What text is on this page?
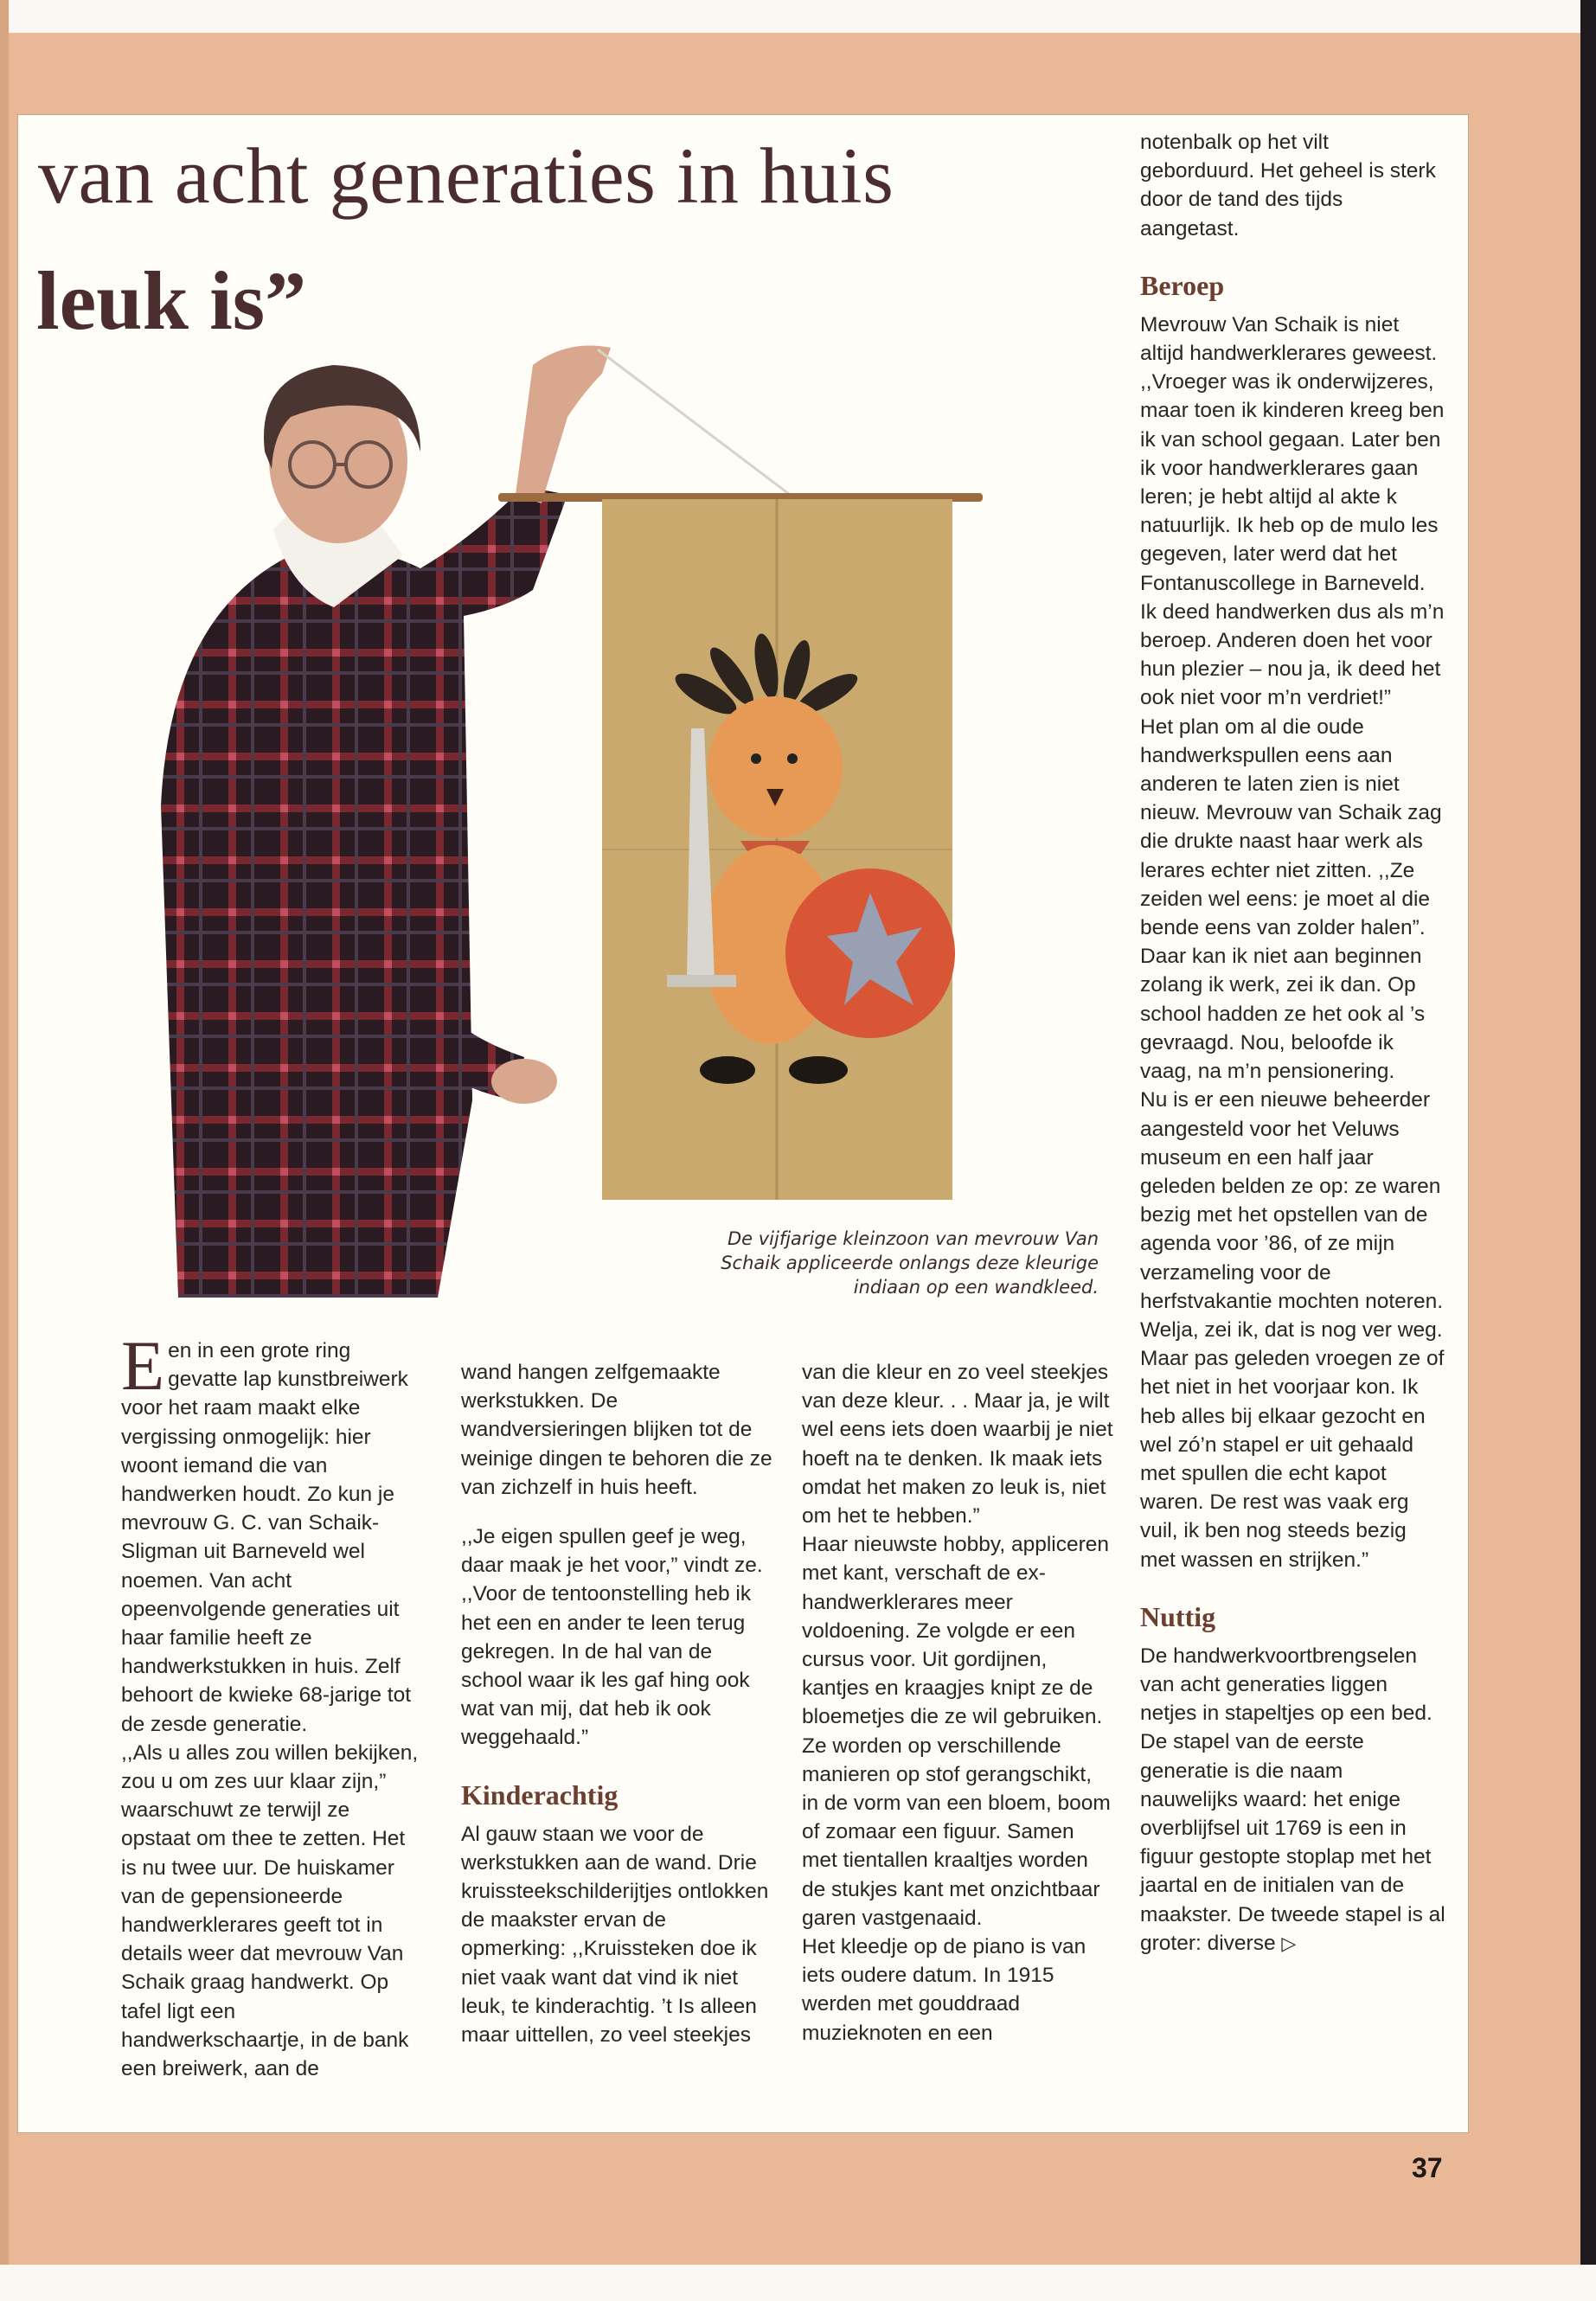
van acht generaties in huis
leuk is”

De vijfjarige kleinzoon van mevrouw Van Schaik appliceerde onlangs deze kleurige indiaan op een wandkleed.

Een in een grote ring gevatte lap kunstbreiwerk voor het raam maakt elke vergissing onmogelijk: hier woont iemand die van handwerken houdt. Zo kun je mevrouw G. C. van Schaik-Sligman uit Barneveld wel noemen. Van acht opeenvolgende generaties uit haar familie heeft ze handwerkstukken in huis. Zelf behoort de kwieke 68-jarige tot de zesde generatie.

,,Als u alles zou willen bekijken, zou u om zes uur klaar zijn,” waarschuwt ze terwijl ze opstaat om thee te zetten. Het is nu twee uur. De huiskamer van de gepensioneerde handwerklerares geeft tot in details weer dat mevrouw Van Schaik graag handwerkt. Op tafel ligt een handwerkschaartje, in de bank een breiwerk, aan de

wand hangen zelfgemaakte werkstukken. De wandversieringen blijken tot de weinige dingen te behoren die ze van zichzelf in huis heeft.

,,Je eigen spullen geef je weg, daar maak je het voor,” vindt ze. ,,Voor de tentoonstelling heb ik het een en ander te leen terug gekregen. In de hal van de school waar ik les gaf hing ook wat van mij, dat heb ik ook weggehaald.”

Kinderachtig

Al gauw staan we voor de werkstukken aan de wand. Drie kruissteekschilderijtjes ontlokken de maakster ervan de opmerking: ,,Kruissteken doe ik niet vaak want dat vind ik niet leuk, te kinderachtig. ’t Is alleen maar uittellen, zo veel steekjes

van die kleur en zo veel steekjes van deze kleur. . . Maar ja, je wilt wel eens iets doen waarbij je niet hoeft na te denken. Ik maak iets omdat het maken zo leuk is, niet om het te hebben.”

Haar nieuwste hobby, appliceren met kant, verschaft de ex-handwerklerares meer voldoening. Ze volgde er een cursus voor. Uit gordijnen, kantjes en kraagjes knipt ze de bloemetjes die ze wil gebruiken. Ze worden op verschillende manieren op stof gerangschikt, in de vorm van een bloem, boom of zomaar een figuur. Samen met tientallen kraaltjes worden de stukjes kant met onzichtbaar garen vastgenaaid.

Het kleedje op de piano is van iets oudere datum. In 1915 werden met gouddraad muzieknoten en een

notenbalk op het vilt geborduurd. Het geheel is sterk door de tand des tijds aangetast.

Beroep

Mevrouw Van Schaik is niet altijd handwerklerares geweest. ,,Vroeger was ik onderwijzeres, maar toen ik kinderen kreeg ben ik van school gegaan. Later ben ik voor handwerklerares gaan leren; je hebt altijd al akte k natuurlijk. Ik heb op de mulo les gegeven, later werd dat het Fontanuscollege in Barneveld. Ik deed handwerken dus als m’n beroep. Anderen doen het voor hun plezier – nou ja, ik deed het ook niet voor m’n verdriet!”

Het plan om al die oude handwerkspullen eens aan anderen te laten zien is niet nieuw. Mevrouw van Schaik zag die drukte naast haar werk als lerares echter niet zitten. ,,Ze zeiden wel eens: je moet al die bende eens van zolder halen”. Daar kan ik niet aan beginnen zolang ik werk, zei ik dan. Op school hadden ze het ook al ’s gevraagd. Nou, beloofde ik vaag, na m’n pensionering.

Nu is er een nieuwe beheerder aangesteld voor het Veluws museum en een half jaar geleden belden ze op: ze waren bezig met het opstellen van de agenda voor ’86, of ze mijn verzameling voor de herfstvakantie mochten noteren. Welja, zei ik, dat is nog ver weg. Maar pas geleden vroegen ze of het niet in het voorjaar kon. Ik heb alles bij elkaar gezocht en wel zó’n stapel er uit gehaald met spullen die echt kapot waren. De rest was vaak erg vuil, ik ben nog steeds bezig met wassen en strijken.”

Nuttig

De handwerkvoortbrengselen van acht generaties liggen netjes in stapeltjes op een bed. De stapel van de eerste generatie is die naam nauwelijks waard: het enige overblijfsel uit 1769 is een in figuur gestopte stoplap met het jaartal en de initialen van de maakster. De tweede stapel is al groter: diverse ▷

37
